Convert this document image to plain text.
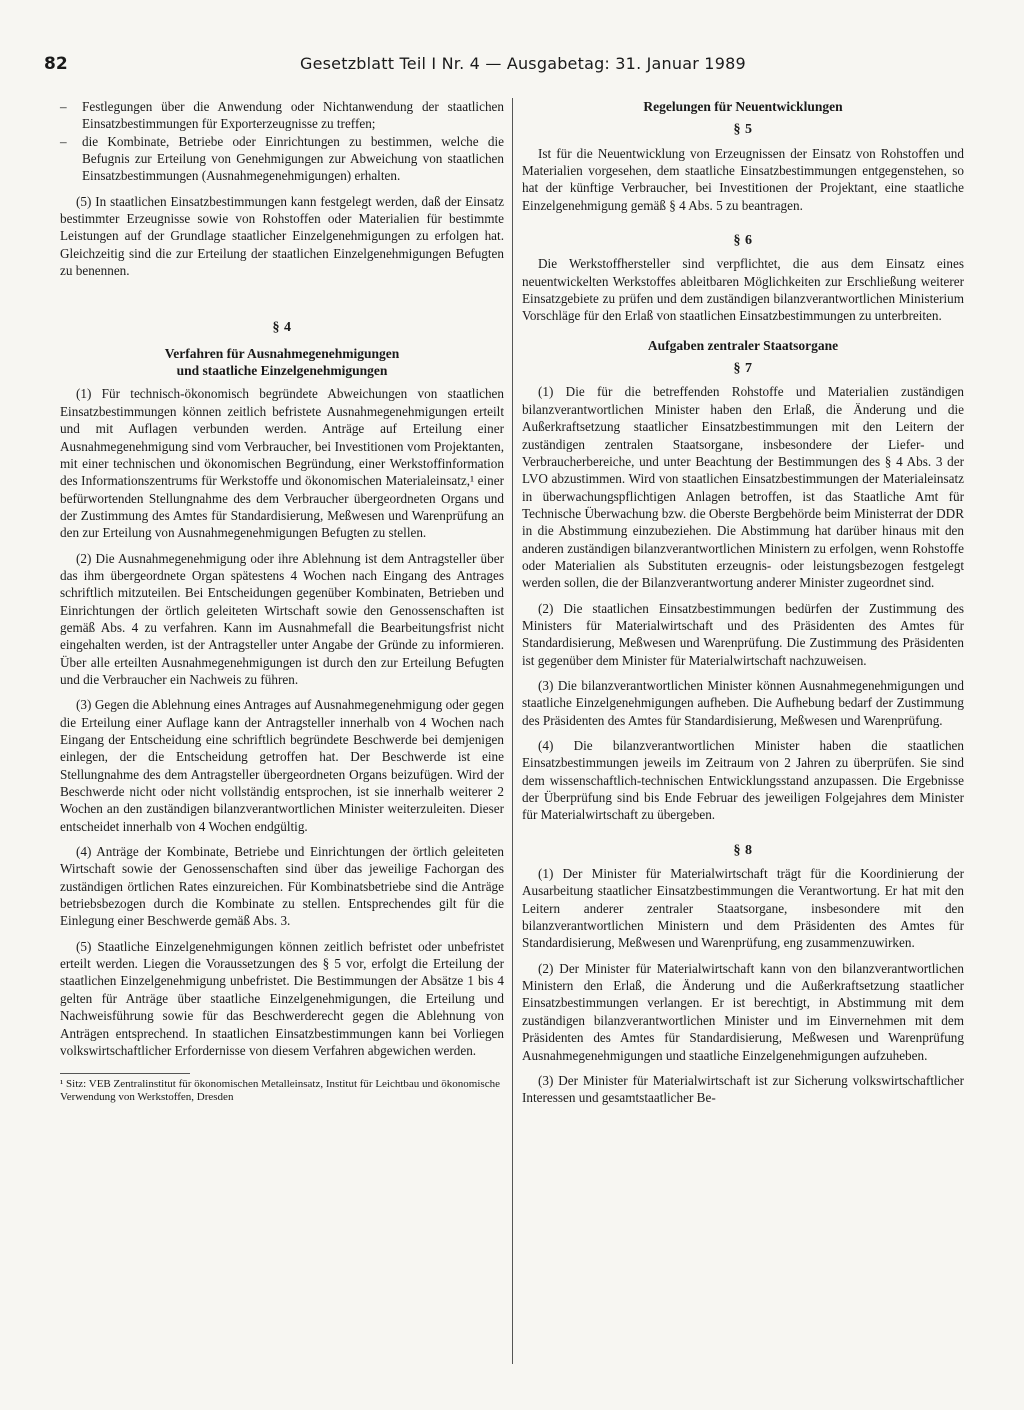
82	Gesetzblatt Teil I Nr. 4 — Ausgabetag: 31. Januar 1989
–	Festlegungen über die Anwendung oder Nichtanwendung der staatlichen Einsatzbestimmungen für Exporterzeugnisse zu treffen;
–	die Kombinate, Betriebe oder Einrichtungen zu bestimmen, welche die Befugnis zur Erteilung von Genehmigungen zur Abweichung von staatlichen Einsatzbestimmungen (Ausnahmegenehmigungen) erhalten.

(5) In staatlichen Einsatzbestimmungen kann festgelegt werden, daß der Einsatz bestimmter Erzeugnisse sowie von Rohstoffen oder Materialien für bestimmte Leistungen auf der Grundlage staatlicher Einzelgenehmigungen zu erfolgen hat. Gleichzeitig sind die zur Erteilung der staatlichen Einzelgenehmigungen Befugten zu benennen.

§ 4
Verfahren für Ausnahmegenehmigungen
und staatliche Einzelgenehmigungen

(1) Für technisch-ökonomisch begründete Abweichungen von staatlichen Einsatzbestimmungen können zeitlich befristete Ausnahmegenehmigungen erteilt und mit Auflagen verbunden werden. Anträge auf Erteilung einer Ausnahmegenehmigung sind vom Verbraucher, bei Investitionen vom Projektanten, mit einer technischen und ökonomischen Begründung, einer Werkstoffinformation des Informationszentrums für Werkstoffe und ökonomischen Materialeinsatz,¹ einer befürwortenden Stellungnahme des dem Verbraucher übergeordneten Organs und der Zustimmung des Amtes für Standardisierung, Meßwesen und Warenprüfung an den zur Erteilung von Ausnahmegenehmigungen Befugten zu stellen.

(2) Die Ausnahmegenehmigung oder ihre Ablehnung ist dem Antragsteller über das ihm übergeordnete Organ spätestens 4 Wochen nach Eingang des Antrages schriftlich mitzuteilen. Bei Entscheidungen gegenüber Kombinaten, Betrieben und Einrichtungen der örtlich geleiteten Wirtschaft sowie den Genossenschaften ist gemäß Abs. 4 zu verfahren. Kann im Ausnahmefall die Bearbeitungsfrist nicht eingehalten werden, ist der Antragsteller unter Angabe der Gründe zu informieren. Über alle erteilten Ausnahmegenehmigungen ist durch den zur Erteilung Befugten und die Verbraucher ein Nachweis zu führen.

(3) Gegen die Ablehnung eines Antrages auf Ausnahmegenehmigung oder gegen die Erteilung einer Auflage kann der Antragsteller innerhalb von 4 Wochen nach Eingang der Entscheidung eine schriftlich begründete Beschwerde bei demjenigen einlegen, der die Entscheidung getroffen hat. Der Beschwerde ist eine Stellungnahme des dem Antragsteller übergeordneten Organs beizufügen. Wird der Beschwerde nicht oder nicht vollständig entsprochen, ist sie innerhalb weiterer 2 Wochen an den zuständigen bilanzverantwortlichen Minister weiterzuleiten. Dieser entscheidet innerhalb von 4 Wochen endgültig.

(4) Anträge der Kombinate, Betriebe und Einrichtungen der örtlich geleiteten Wirtschaft sowie der Genossenschaften sind über das jeweilige Fachorgan des zuständigen örtlichen Rates einzureichen. Für Kombinatsbetriebe sind die Anträge betriebsbezogen durch die Kombinate zu stellen. Entsprechendes gilt für die Einlegung einer Beschwerde gemäß Abs. 3.

(5) Staatliche Einzelgenehmigungen können zeitlich befristet oder unbefristet erteilt werden. Liegen die Voraussetzungen des § 5 vor, erfolgt die Erteilung der staatlichen Einzelgenehmigung unbefristet. Die Bestimmungen der Absätze 1 bis 4 gelten für Anträge über staatliche Einzelgenehmigungen, die Erteilung und Nachweisführung sowie für das Beschwerderecht gegen die Ablehnung von Anträgen entsprechend. In staatlichen Einsatzbestimmungen kann bei Vorliegen volkswirtschaftlicher Erfordernisse von diesem Verfahren abgewichen werden.

¹ Sitz: VEB Zentralinstitut für ökonomischen Metalleinsatz, Institut für Leichtbau und ökonomische Verwendung von Werkstoffen, Dresden
Regelungen für Neuentwicklungen
§ 5

Ist für die Neuentwicklung von Erzeugnissen der Einsatz von Rohstoffen und Materialien vorgesehen, dem staatliche Einsatzbestimmungen entgegenstehen, so hat der künftige Verbraucher, bei Investitionen der Projektant, eine staatliche Einzelgenehmigung gemäß § 4 Abs. 5 zu beantragen.

§ 6

Die Werkstoffhersteller sind verpflichtet, die aus dem Einsatz eines neuentwickelten Werkstoffes ableitbaren Möglichkeiten zur Erschließung weiterer Einsatzgebiete zu prüfen und dem zuständigen bilanzverantwortlichen Ministerium Vorschläge für den Erlaß von staatlichen Einsatzbestimmungen zu unterbreiten.

Aufgaben zentraler Staatsorgane
§ 7

(1) Die für die betreffenden Rohstoffe und Materialien zuständigen bilanzverantwortlichen Minister haben den Erlaß, die Änderung und die Außerkraftsetzung staatlicher Einsatzbestimmungen mit den Leitern der zuständigen zentralen Staatsorgane, insbesondere der Liefer- und Verbraucherbereiche, und unter Beachtung der Bestimmungen des § 4 Abs. 3 der LVO abzustimmen. Wird von staatlichen Einsatzbestimmungen der Materialeinsatz in überwachungspflichtigen Anlagen betroffen, ist das Staatliche Amt für Technische Überwachung bzw. die Oberste Bergbehörde beim Ministerrat der DDR in die Abstimmung einzubeziehen. Die Abstimmung hat darüber hinaus mit den anderen zuständigen bilanzverantwortlichen Ministern zu erfolgen, wenn Rohstoffe oder Materialien als Substituten erzeugnis- oder leistungsbezogen festgelegt werden sollen, die der Bilanzverantwortung anderer Minister zugeordnet sind.

(2) Die staatlichen Einsatzbestimmungen bedürfen der Zustimmung des Ministers für Materialwirtschaft und des Präsidenten des Amtes für Standardisierung, Meßwesen und Warenprüfung. Die Zustimmung des Präsidenten ist gegenüber dem Minister für Materialwirtschaft nachzuweisen.

(3) Die bilanzverantwortlichen Minister können Ausnahmegenehmigungen und staatliche Einzelgenehmigungen aufheben. Die Aufhebung bedarf der Zustimmung des Präsidenten des Amtes für Standardisierung, Meßwesen und Warenprüfung.

(4) Die bilanzverantwortlichen Minister haben die staatlichen Einsatzbestimmungen jeweils im Zeitraum von 2 Jahren zu überprüfen. Sie sind dem wissenschaftlich-technischen Entwicklungsstand anzupassen. Die Ergebnisse der Überprüfung sind bis Ende Februar des jeweiligen Folgejahres dem Minister für Materialwirtschaft zu übergeben.

§ 8

(1) Der Minister für Materialwirtschaft trägt für die Koordinierung der Ausarbeitung staatlicher Einsatzbestimmungen die Verantwortung. Er hat mit den Leitern anderer zentraler Staatsorgane, insbesondere mit den bilanzverantwortlichen Ministern und dem Präsidenten des Amtes für Standardisierung, Meßwesen und Warenprüfung, eng zusammenzuwirken.

(2) Der Minister für Materialwirtschaft kann von den bilanzverantwortlichen Ministern den Erlaß, die Änderung und die Außerkraftsetzung staatlicher Einsatzbestimmungen verlangen. Er ist berechtigt, in Abstimmung mit dem zuständigen bilanzverantwortlichen Minister und im Einvernehmen mit dem Präsidenten des Amtes für Standardisierung, Meßwesen und Warenprüfung Ausnahmegenehmigungen und staatliche Einzelgenehmigungen aufzuheben.

(3) Der Minister für Materialwirtschaft ist zur Sicherung volkswirtschaftlicher Interessen und gesamtstaatlicher Be-
